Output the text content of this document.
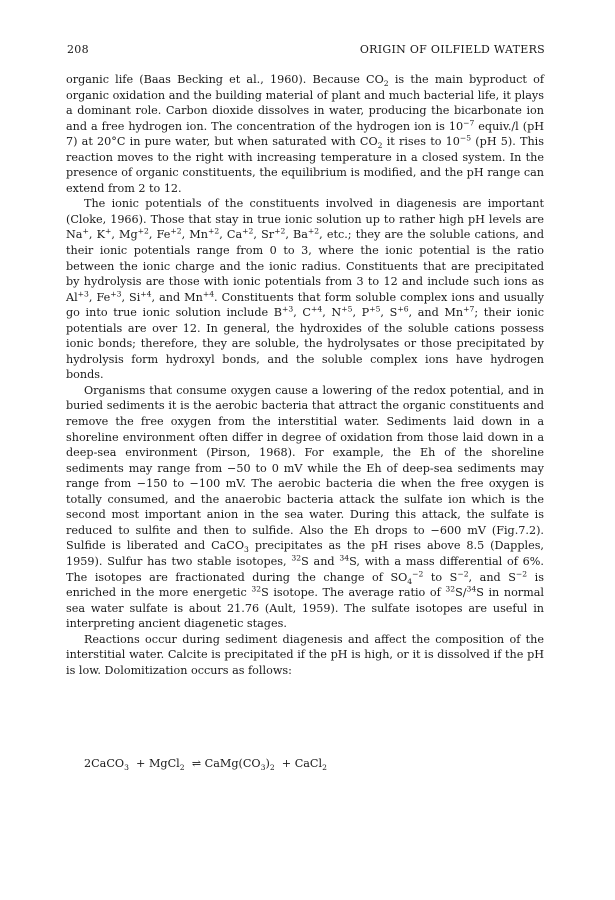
208	ORIGIN OF OILFIELD WATERS

organic life (Baas Becking et al., 1960). Because $CO_2$ is the main byproduct of organic oxidation and the building material of plant and much bacterial life, it plays a dominant role. Carbon dioxide dissolves in water, producing the bicarbonate ion and a free hydrogen ion. The concentration of the hydrogen ion is $10^{-7}$ equiv./l (pH 7) at 20°C in pure water, but when saturated with $CO_2$ it rises to $10^{-5}$ (pH 5). This reaction moves to the right with increasing temperature in a closed system. In the presence of organic constituents, the equilibrium is modified, and the pH range can extend from 2 to 12.

The ionic potentials of the constituents involved in diagenesis are important (Cloke, 1966). Those that stay in true ionic solution up to rather high pH levels are Na+, K+, $Mg^{+2}$, $Fe^{+2}$, $Mn^{+2}$, $Ca^{+2}$, $Sr^{+2}$, $Ba^{+2}$, etc.; they are the soluble cations, and their ionic potentials range from 0 to 3, where the ionic potential is the ratio between the ionic charge and the ionic radius. Constituents that are precipitated by hydrolysis are those with ionic potentials from 3 to 12 and include such ions as $Al^{+3}$, $Fe^{+3}$, $Si^{+4}$, and $Mn^{+4}$. Constituents that form soluble complex ions and usually go into true ionic solution include $B^{+3}$, $C^{+4}$, $N^{+5}$, $P^{+5}$, $S^{+6}$, and $Mn^{+7}$; their ionic potentials are over 12. In general, the hydroxides of the soluble cations possess ionic bonds; therefore, they are soluble, the hydrolysates or those precipitated by hydrolysis form hydroxyl bonds, and the soluble complex ions have hydrogen bonds.

Organisms that consume oxygen cause a lowering of the redox potential, and in buried sediments it is the aerobic bacteria that attract the organic constituents and remove the free oxygen from the interstitial water. Sediments laid down in a shoreline environment often differ in degree of oxidation from those laid down in a deep-sea environment (Pirson, 1968). For example, the Eh of the shoreline sediments may range from −50 to 0 mV while the Eh of deep-sea sediments may range from −150 to −100 mV. The aerobic bacteria die when the free oxygen is totally consumed, and the anaerobic bacteria attack the sulfate ion which is the second most important anion in the sea water. During this attack, the sulfate is reduced to sulfite and then to sulfide. Also the Eh drops to −600 mV (Fig.7.2). Sulfide is liberated and CaCO$_3$ precipitates as the pH rises above 8.5 (Dapples, 1959). Sulfur has two stable isotopes, $^{32}$S and $^{34}$S, with a mass differential of 6%. The isotopes are fractionated during the change of $SO_4^{-2}$ to $S^{-2}$, and $S^{-2}$ is enriched in the more energetic $^{32}$S isotope. The average ratio of $^{32}$S/$^{34}$S in normal sea water sulfate is about 21.76 (Ault, 1959). The sulfate isotopes are useful in interpreting ancient diagenetic stages.

Reactions occur during sediment diagenesis and affect the composition of the interstitial water. Calcite is precipitated if the pH is high, or it is dissolved if the pH is low. Dolomitization occurs as follows:

2CaCO$_3$  + MgCl$_2$  ⇌ $CaMg(CO_3)_2$  + CaCl$_2$
